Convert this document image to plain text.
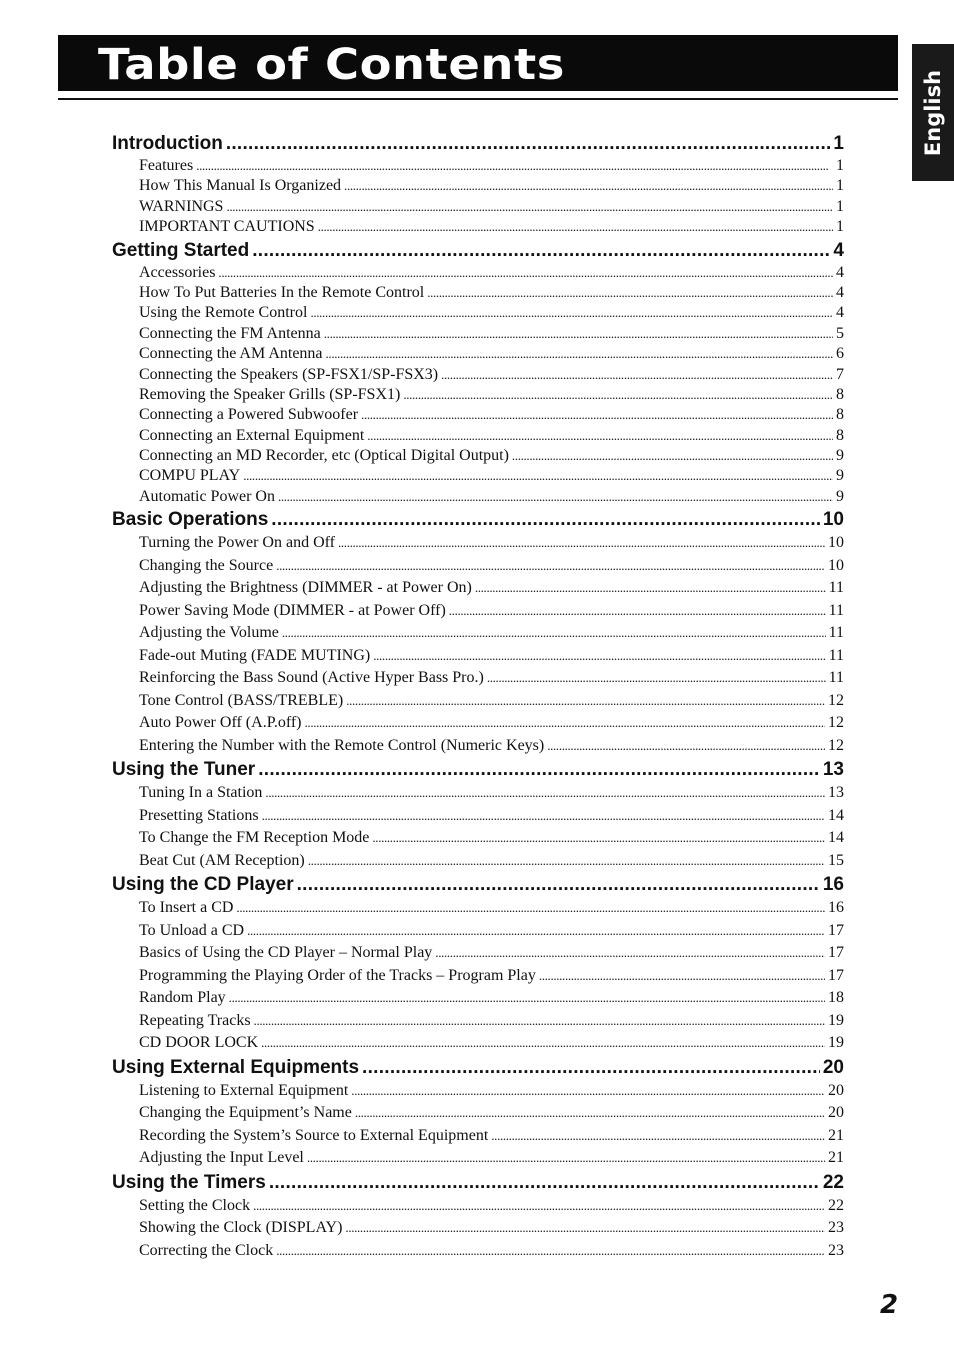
Table of Contents
English
Introduction . . .	1
Features . . .	1
How This Manual Is Organized . . .	1
WARNINGS . . .	1
IMPORTANT CAUTIONS . . .	1
Getting Started . . .	4
Accessories . . .	4
How To Put Batteries In the Remote Control . . .	4
Using the Remote Control . . .	4
Connecting the FM Antenna . . .	5
Connecting the AM Antenna . . .	6
Connecting the Speakers (SP-FSX1/SP-FSX3) . . .	7
Removing the Speaker Grills (SP-FSX1) . . .	8
Connecting a Powered Subwoofer . . .	8
Connecting an External Equipment . . .	8
Connecting an MD Recorder, etc (Optical Digital Output) . . .	9
COMPU PLAY . . .	9
Automatic Power On . . .	9
Basic Operations . . .	10
Turning the Power On and Off . . .	10
Changing the Source . . .	10
Adjusting the Brightness (DIMMER - at Power On) . . .	11
Power Saving Mode (DIMMER - at Power Off) . . .	11
Adjusting the Volume . . .	11
Fade-out Muting (FADE MUTING) . . .	11
Reinforcing the Bass Sound (Active Hyper Bass Pro.) . . .	11
Tone Control (BASS/TREBLE) . . .	12
Auto Power Off (A.P.off) . . .	12
Entering the Number with the Remote Control (Numeric Keys) . . .	12
Using the Tuner . . .	13
Tuning In a Station . . .	13
Presetting Stations . . .	14
To Change the FM Reception Mode . . .	14
Beat Cut (AM Reception) . . .	15
Using the CD Player . . .	16
To Insert a CD . . .	16
To Unload a CD . . .	17
Basics of Using the CD Player – Normal Play . . .	17
Programming the Playing Order of the Tracks – Program Play . . .	17
Random Play . . .	18
Repeating Tracks . . .	19
CD DOOR LOCK . . .	19
Using External Equipments . . .	20
Listening to External Equipment . . .	20
Changing the Equipment’s Name . . .	20
Recording the System’s Source to External Equipment . . .	21
Adjusting the Input Level . . .	21
Using the Timers . . .	22
Setting the Clock . . .	22
Showing the Clock (DISPLAY) . . .	23
Correcting the Clock . . .	23
2
